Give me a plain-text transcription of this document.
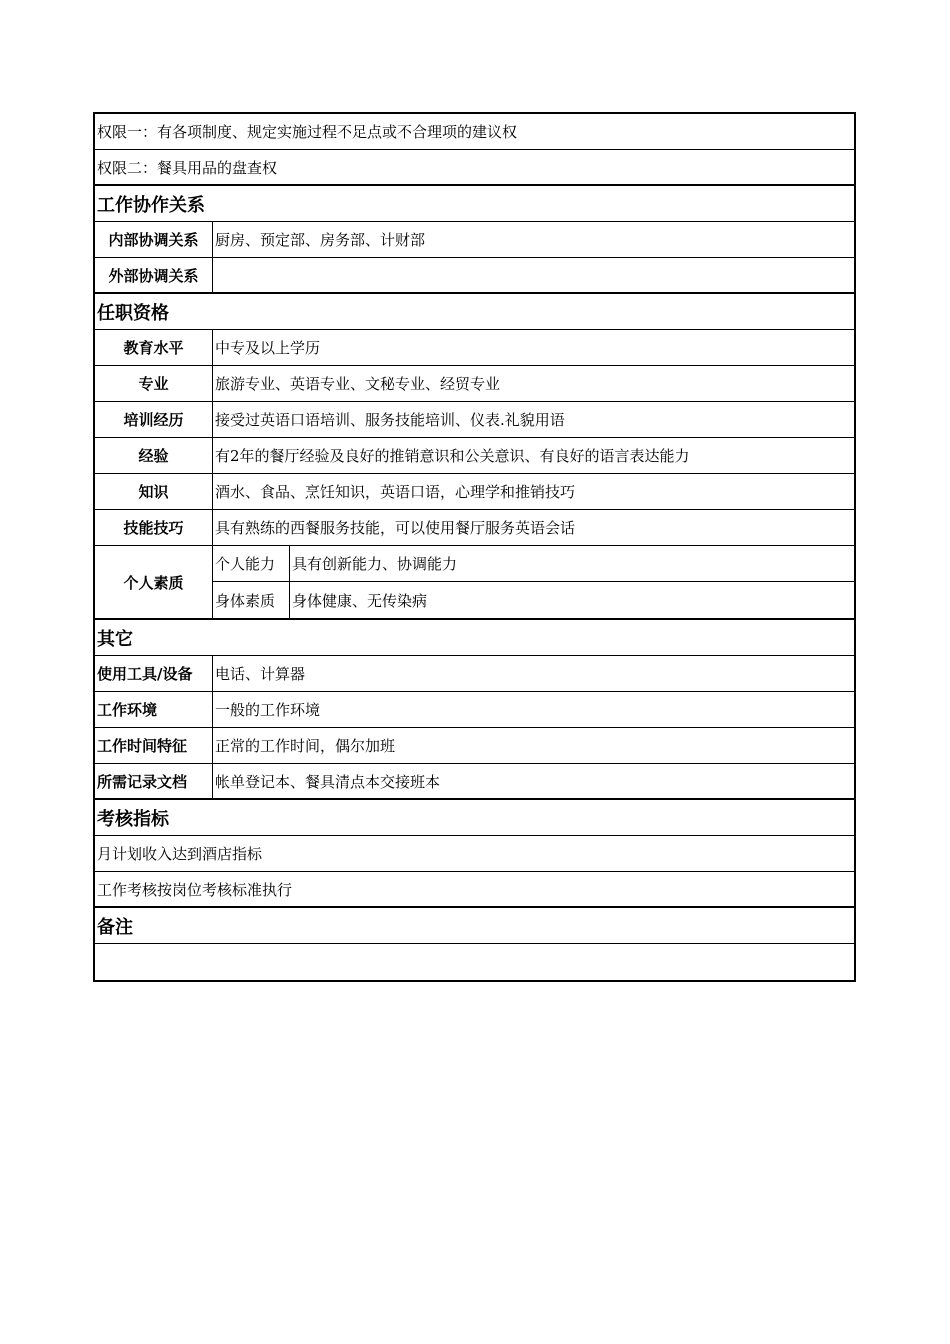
权限一：有各项制度、规定实施过程不足点或不合理项的建议权
权限二：餐具用品的盘查权
工作协作关系
内部协调关系	厨房、预定部、房务部、计财部
外部协调关系
任职资格
教育水平	中专及以上学历
专业	旅游专业、英语专业、文秘专业、经贸专业
培训经历	接受过英语口语培训、服务技能培训、仪表.礼貌用语
经验	有2年的餐厅经验及良好的推销意识和公关意识、有良好的语言表达能力
知识	酒水、食品、烹饪知识，英语口语，心理学和推销技巧
技能技巧	具有熟练的西餐服务技能，可以使用餐厅服务英语会话
个人素质
个人能力	具有创新能力、协调能力
身体素质	身体健康、无传染病
其它
使用工具/设备	电话、计算器
工作环境	一般的工作环境
工作时间特征	正常的工作时间，偶尔加班
所需记录文档	帐单登记本、餐具清点本交接班本
考核指标
月计划收入达到酒店指标
工作考核按岗位考核标准执行
备注
